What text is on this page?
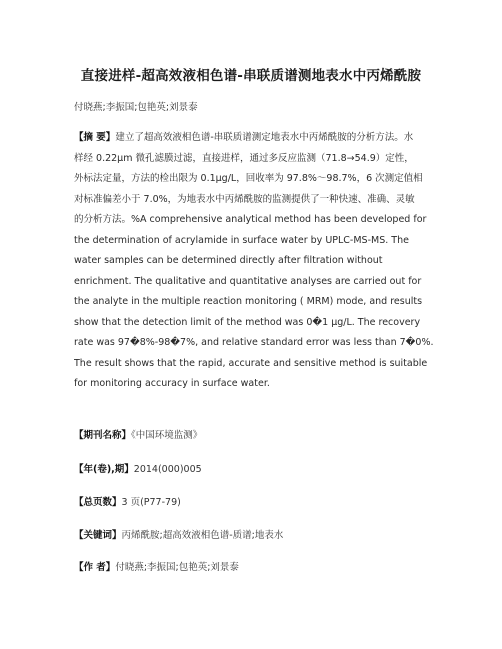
直接进样-超高效液相色谱-串联质谱测地表水中丙烯酰胺
付晓燕;李振国;包艳英;刘景泰
【摘 要】建立了超高效液相色谱-串联质谱测定地表水中丙烯酰胺的分析方法。水
样经 0.22μm 微孔滤膜过滤，直接进样，通过多反应监测（71.8→54.9）定性，
外标法定量，方法的检出限为 0.1μg/L，回收率为 97.8%～98.7%，6 次测定值相
对标准偏差小于 7.0%，为地表水中丙烯酰胺的监测提供了一种快速、准确、灵敏
的分析方法。%A comprehensive analytical method has been developed for
the determination of acrylamide in surface water by UPLC-MS-MS. The
water samples can be determined directly after filtration without
enrichment. The qualitative and quantitative analyses are carried out for
the analyte in the multiple reaction monitoring ( MRM) mode, and results
show that the detection limit of the method was 0�1 μg/L. The recovery
rate was 97�8%-98�7%, and relative standard error was less than 7�0%.
The result shows that the rapid, accurate and sensitive method is suitable
for monitoring accuracy in surface water.
【期刊名称】《中国环境监测》
【年(卷),期】2014(000)005
【总页数】3 页(P77-79)
【关键词】丙烯酰胺;超高效液相色谱-质谱;地表水
【作 者】付晓燕;李振国;包艳英;刘景泰
